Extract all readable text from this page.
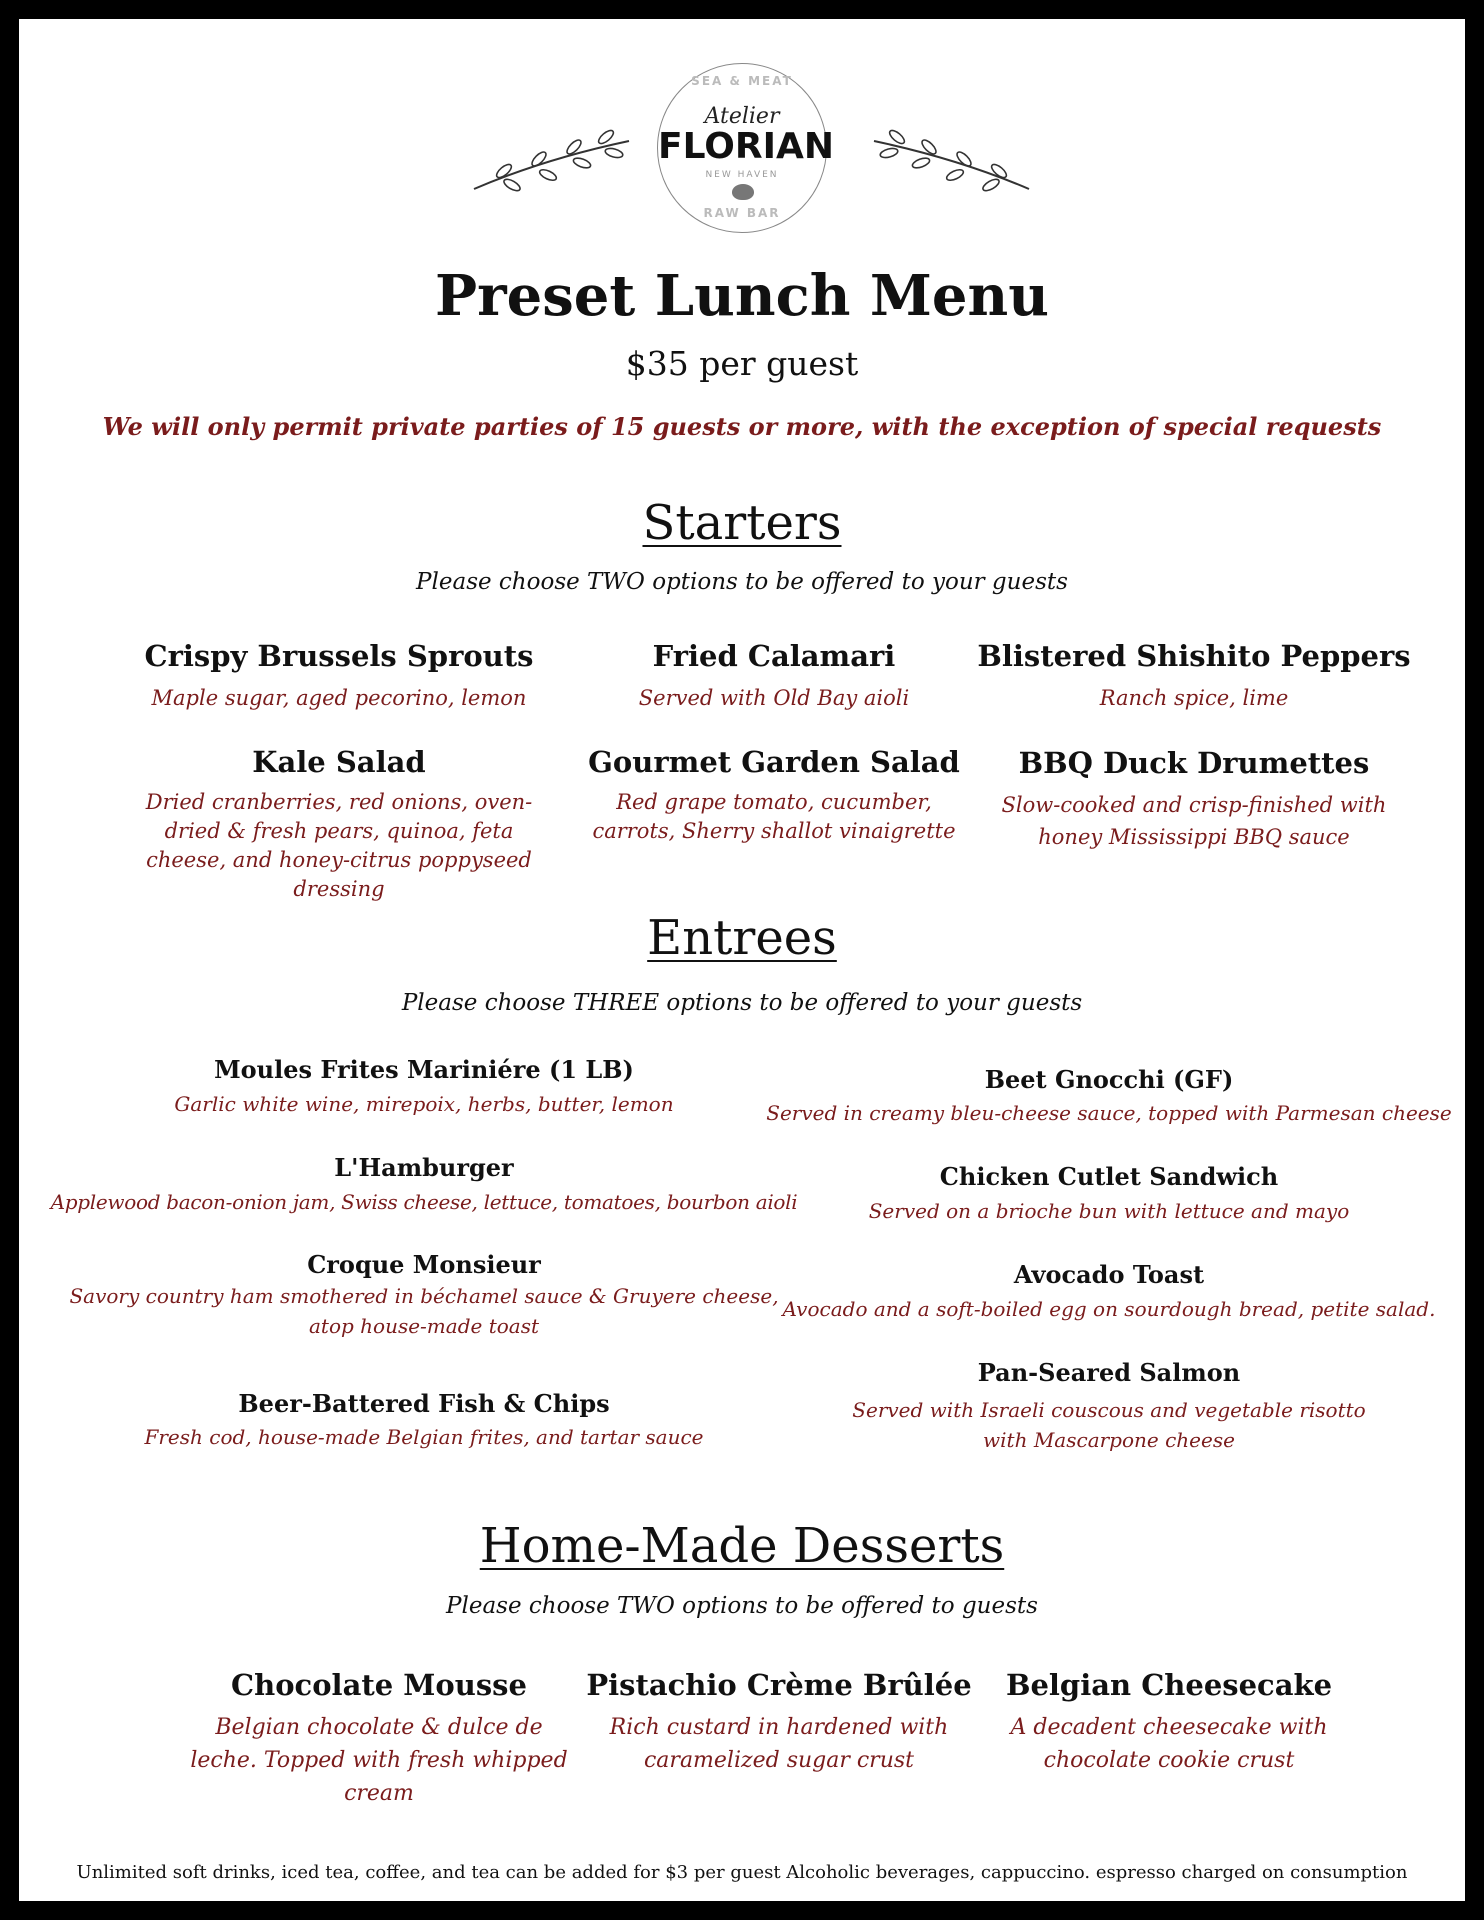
SEA & MEAT
Atelier
FLORIAN
NEW HAVEN
RAW BAR
Preset Lunch Menu
$35 per guest
We will only permit private parties of 15 guests or more, with the exception of special requests
Starters
Please choose TWO options to be offered to your guests
Crispy Brussels Sprouts
Maple sugar, aged pecorino, lemon
Fried Calamari
Served with Old Bay aioli
Blistered Shishito Peppers
Ranch spice, lime
Kale Salad
Dried cranberries, red onions, oven-dried & fresh pears, quinoa, feta cheese, and honey-citrus poppyseed dressing
Gourmet Garden Salad
Red grape tomato, cucumber, carrots, Sherry shallot vinaigrette
BBQ Duck Drumettes
Slow-cooked and crisp-finished with honey Mississippi BBQ sauce
Entrees
Please choose THREE options to be offered to your guests
Moules Frites Mariniére (1 LB)
Garlic white wine, mirepoix, herbs, butter, lemon
L'Hamburger
Applewood bacon-onion jam, Swiss cheese, lettuce, tomatoes, bourbon aioli
Croque Monsieur
Savory country ham smothered in béchamel sauce & Gruyere cheese, atop house-made toast
Beer-Battered Fish & Chips
Fresh cod, house-made Belgian frites, and tartar sauce
Beet Gnocchi (GF)
Served in creamy bleu-cheese sauce, topped with Parmesan cheese
Chicken Cutlet Sandwich
Served on a brioche bun with lettuce and mayo
Avocado Toast
Avocado and a soft-boiled egg on sourdough bread, petite salad.
Pan-Seared Salmon
Served with Israeli couscous and vegetable risotto with Mascarpone cheese
Home-Made Desserts
Please choose TWO options to be offered to guests
Chocolate Mousse
Belgian chocolate & dulce de leche. Topped with fresh whipped cream
Pistachio Crème Brûlée
Rich custard in hardened with caramelized sugar crust
Belgian Cheesecake
A decadent cheesecake with chocolate cookie crust
Unlimited soft drinks, iced tea, coffee, and tea can be added for $3 per guest Alcoholic beverages, cappuccino. espresso charged on consumption
